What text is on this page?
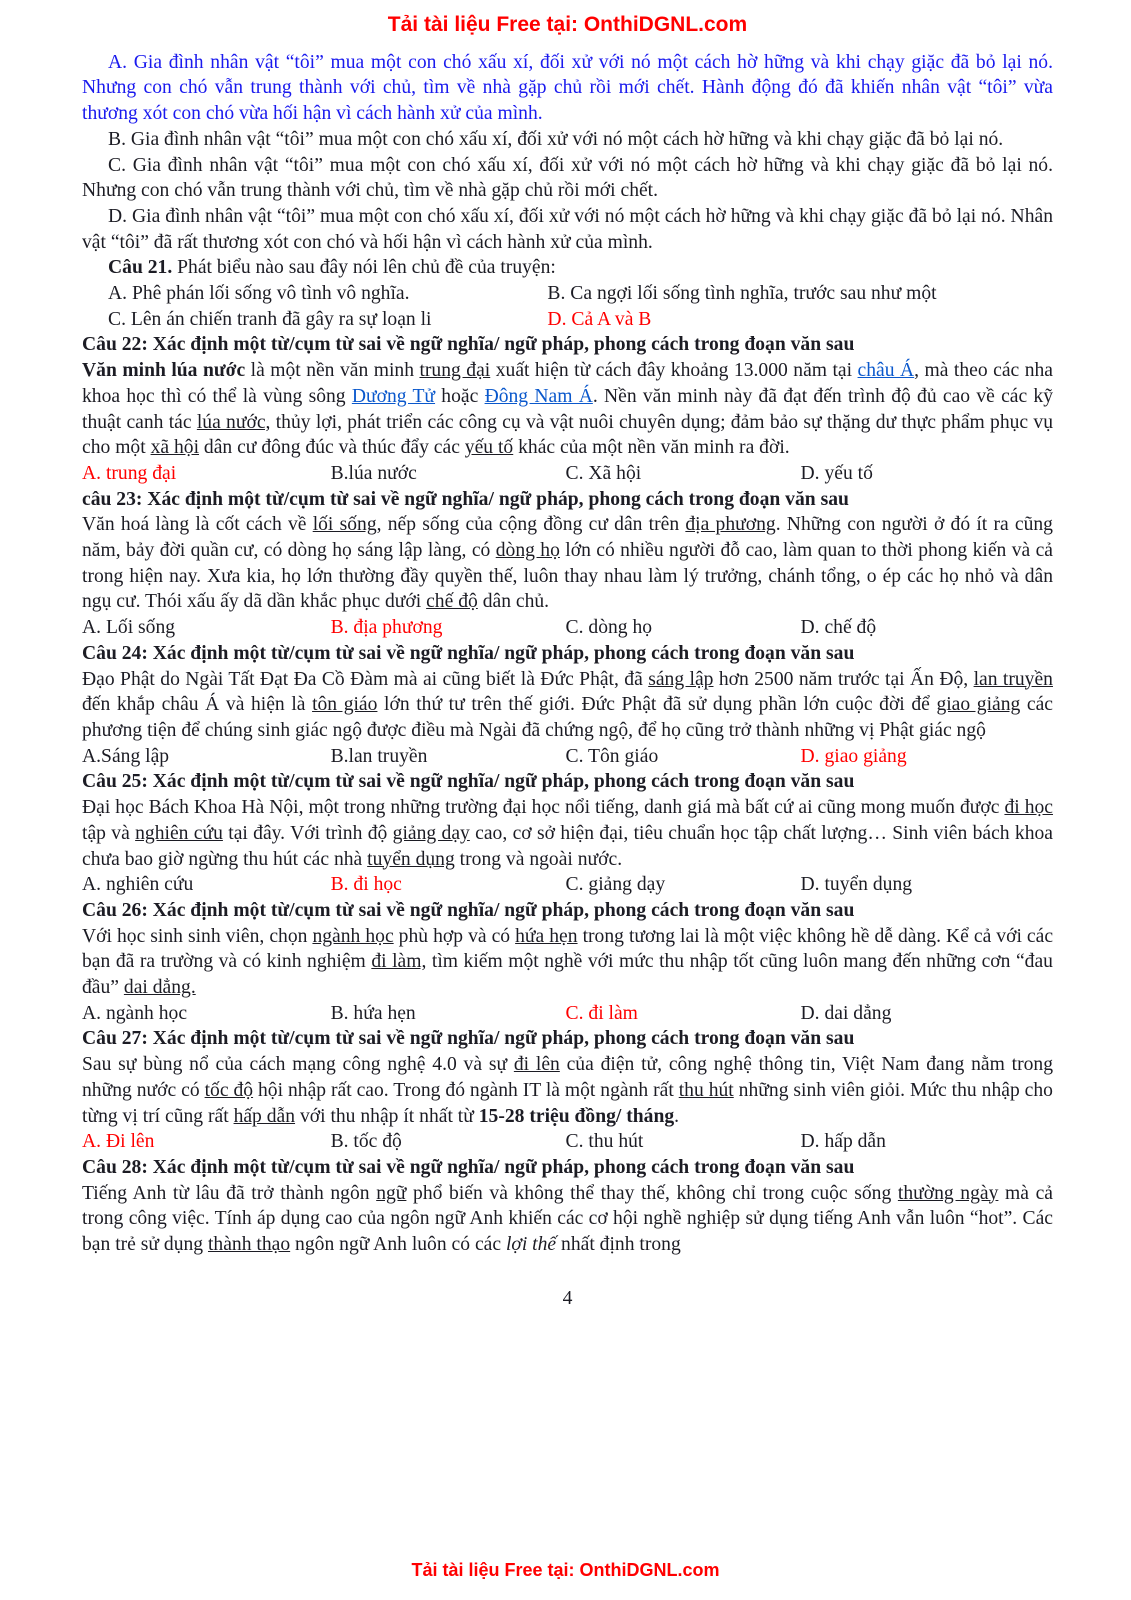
Tải tài liệu Free tại: OnthiDGNL.com

A. Gia đình nhân vật “tôi” mua một con chó xấu xí, đối xử với nó một cách hờ hững và khi chạy giặc đã bỏ lại nó. Nhưng con chó vẫn trung thành với chủ, tìm về nhà gặp chủ rồi mới chết. Hành động đó đã khiến nhân vật “tôi” vừa thương xót con chó vừa hối hận vì cách hành xử của mình.

B. Gia đình nhân vật “tôi” mua một con chó xấu xí, đối xử với nó một cách hờ hững và khi chạy giặc đã bỏ lại nó.

C. Gia đình nhân vật “tôi” mua một con chó xấu xí, đối xử với nó một cách hờ hững và khi chạy giặc đã bỏ lại nó. Nhưng con chó vẫn trung thành với chủ, tìm về nhà gặp chủ rồi mới chết.

D. Gia đình nhân vật “tôi” mua một con chó xấu xí, đối xử với nó một cách hờ hững và khi chạy giặc đã bỏ lại nó. Nhân vật “tôi” đã rất thương xót con chó và hối hận vì cách hành xử của mình.

Câu 21. Phát biểu nào sau đây nói lên chủ đề của truyện:

A. Phê phán lối sống vô tình vô nghĩa.	B. Ca ngợi lối sống tình nghĩa, trước sau như một
C. Lên án chiến tranh đã gây ra sự loạn li	D. Cả A và B

Câu 22: Xác định một từ/cụm từ sai về ngữ nghĩa/ ngữ pháp, phong cách trong đoạn văn sau

Văn minh lúa nước là một nền văn minh trung đại xuất hiện từ cách đây khoảng 13.000 năm tại châu Á, mà theo các nha khoa học thì có thể là vùng sông Dương Tử hoặc Đông Nam Á. Nền văn minh này đã đạt đến trình độ đủ cao về các kỹ thuật canh tác lúa nước, thủy lợi, phát triển các công cụ và vật nuôi chuyên dụng; đảm bảo sự thặng dư thực phẩm phục vụ cho một xã hội dân cư đông đúc và thúc đẩy các yếu tố khác của một nền văn minh ra đời.

A. trung đại	B.lúa nước	C. Xã hội	D. yếu tố

câu 23: Xác định một từ/cụm từ sai về ngữ nghĩa/ ngữ pháp, phong cách trong đoạn văn sau

Văn hoá làng là cốt cách về lối sống, nếp sống của cộng đồng cư dân trên địa phương. Những con người ở đó ít ra cũng năm, bảy đời quần cư, có dòng họ sáng lập làng, có dòng họ lớn có nhiều người đỗ cao, làm quan to thời phong kiến và cả trong hiện nay. Xưa kia, họ lớn thường đầy quyền thế, luôn thay nhau làm lý trưởng, chánh tổng, o ép các họ nhỏ và dân ngụ cư. Thói xấu ấy dã dần khắc phục dưới chế độ dân chủ.

A. Lối sống	B. địa phương	C. dòng họ	D. chế độ

Câu 24: Xác định một từ/cụm từ sai về ngữ nghĩa/ ngữ pháp, phong cách trong đoạn văn sau

Đạo Phật do Ngài Tất Đạt Đa Cồ Đàm mà ai cũng biết là Đức Phật, đã sáng lập hơn 2500 năm trước tại Ấn Độ, lan truyền đến khắp châu Á và hiện là tôn giáo lớn thứ tư trên thế giới. Đức Phật đã sử dụng phần lớn cuộc đời để giao giảng các phương tiện để chúng sinh giác ngộ được điều mà Ngài đã chứng ngộ, để họ cũng trở thành những vị Phật giác ngộ

A.Sáng lập	B.lan truyền	C. Tôn giáo	D. giao giảng

Câu 25: Xác định một từ/cụm từ sai về ngữ nghĩa/ ngữ pháp, phong cách trong đoạn văn sau

Đại học Bách Khoa Hà Nội, một trong những trường đại học nổi tiếng, danh giá mà bất cứ ai cũng mong muốn được đi học tập và nghiên cứu tại đây. Với trình độ giảng dạy cao, cơ sở hiện đại, tiêu chuẩn học tập chất lượng… Sinh viên bách khoa chưa bao giờ ngừng thu hút các nhà tuyển dụng trong và ngoài nước.

A. nghiên cứu	B. đi học	C. giảng dạy	D. tuyển dụng

Câu 26: Xác định một từ/cụm từ sai về ngữ nghĩa/ ngữ pháp, phong cách trong đoạn văn sau

Với học sinh sinh viên, chọn ngành học phù hợp và có hứa hẹn trong tương lai là một việc không hề dễ dàng. Kể cả với các bạn đã ra trường và có kinh nghiệm đi làm, tìm kiếm một nghề với mức thu nhập tốt cũng luôn mang đến những cơn “đau đầu” dai dẳng.

A. ngành học	B. hứa hẹn	C. đi làm	D. dai dẳng

Câu 27: Xác định một từ/cụm từ sai về ngữ nghĩa/ ngữ pháp, phong cách trong đoạn văn sau

Sau sự bùng nổ của cách mạng công nghệ 4.0 và sự đi lên của điện tử, công nghệ thông tin, Việt Nam đang nằm trong những nước có tốc độ hội nhập rất cao. Trong đó ngành IT là một ngành rất thu hút những sinh viên giỏi. Mức thu nhập cho từng vị trí cũng rất hấp dẫn với thu nhập ít nhất từ 15-28 triệu đồng/ tháng.

A. Đi lên	B. tốc độ	C. thu hút	D. hấp dẫn

Câu 28: Xác định một từ/cụm từ sai về ngữ nghĩa/ ngữ pháp, phong cách trong đoạn văn sau

Tiếng Anh từ lâu đã trở thành ngôn ngữ phổ biến và không thể thay thế, không chỉ trong cuộc sống thường ngày mà cả trong công việc. Tính áp dụng cao của ngôn ngữ Anh khiến các cơ hội nghề nghiệp sử dụng tiếng Anh vẫn luôn “hot”. Các bạn trẻ sử dụng thành thạo ngôn ngữ Anh luôn có các lợi thế nhất định trong

4
Tải tài liệu Free tại: OnthiDGNL.com
